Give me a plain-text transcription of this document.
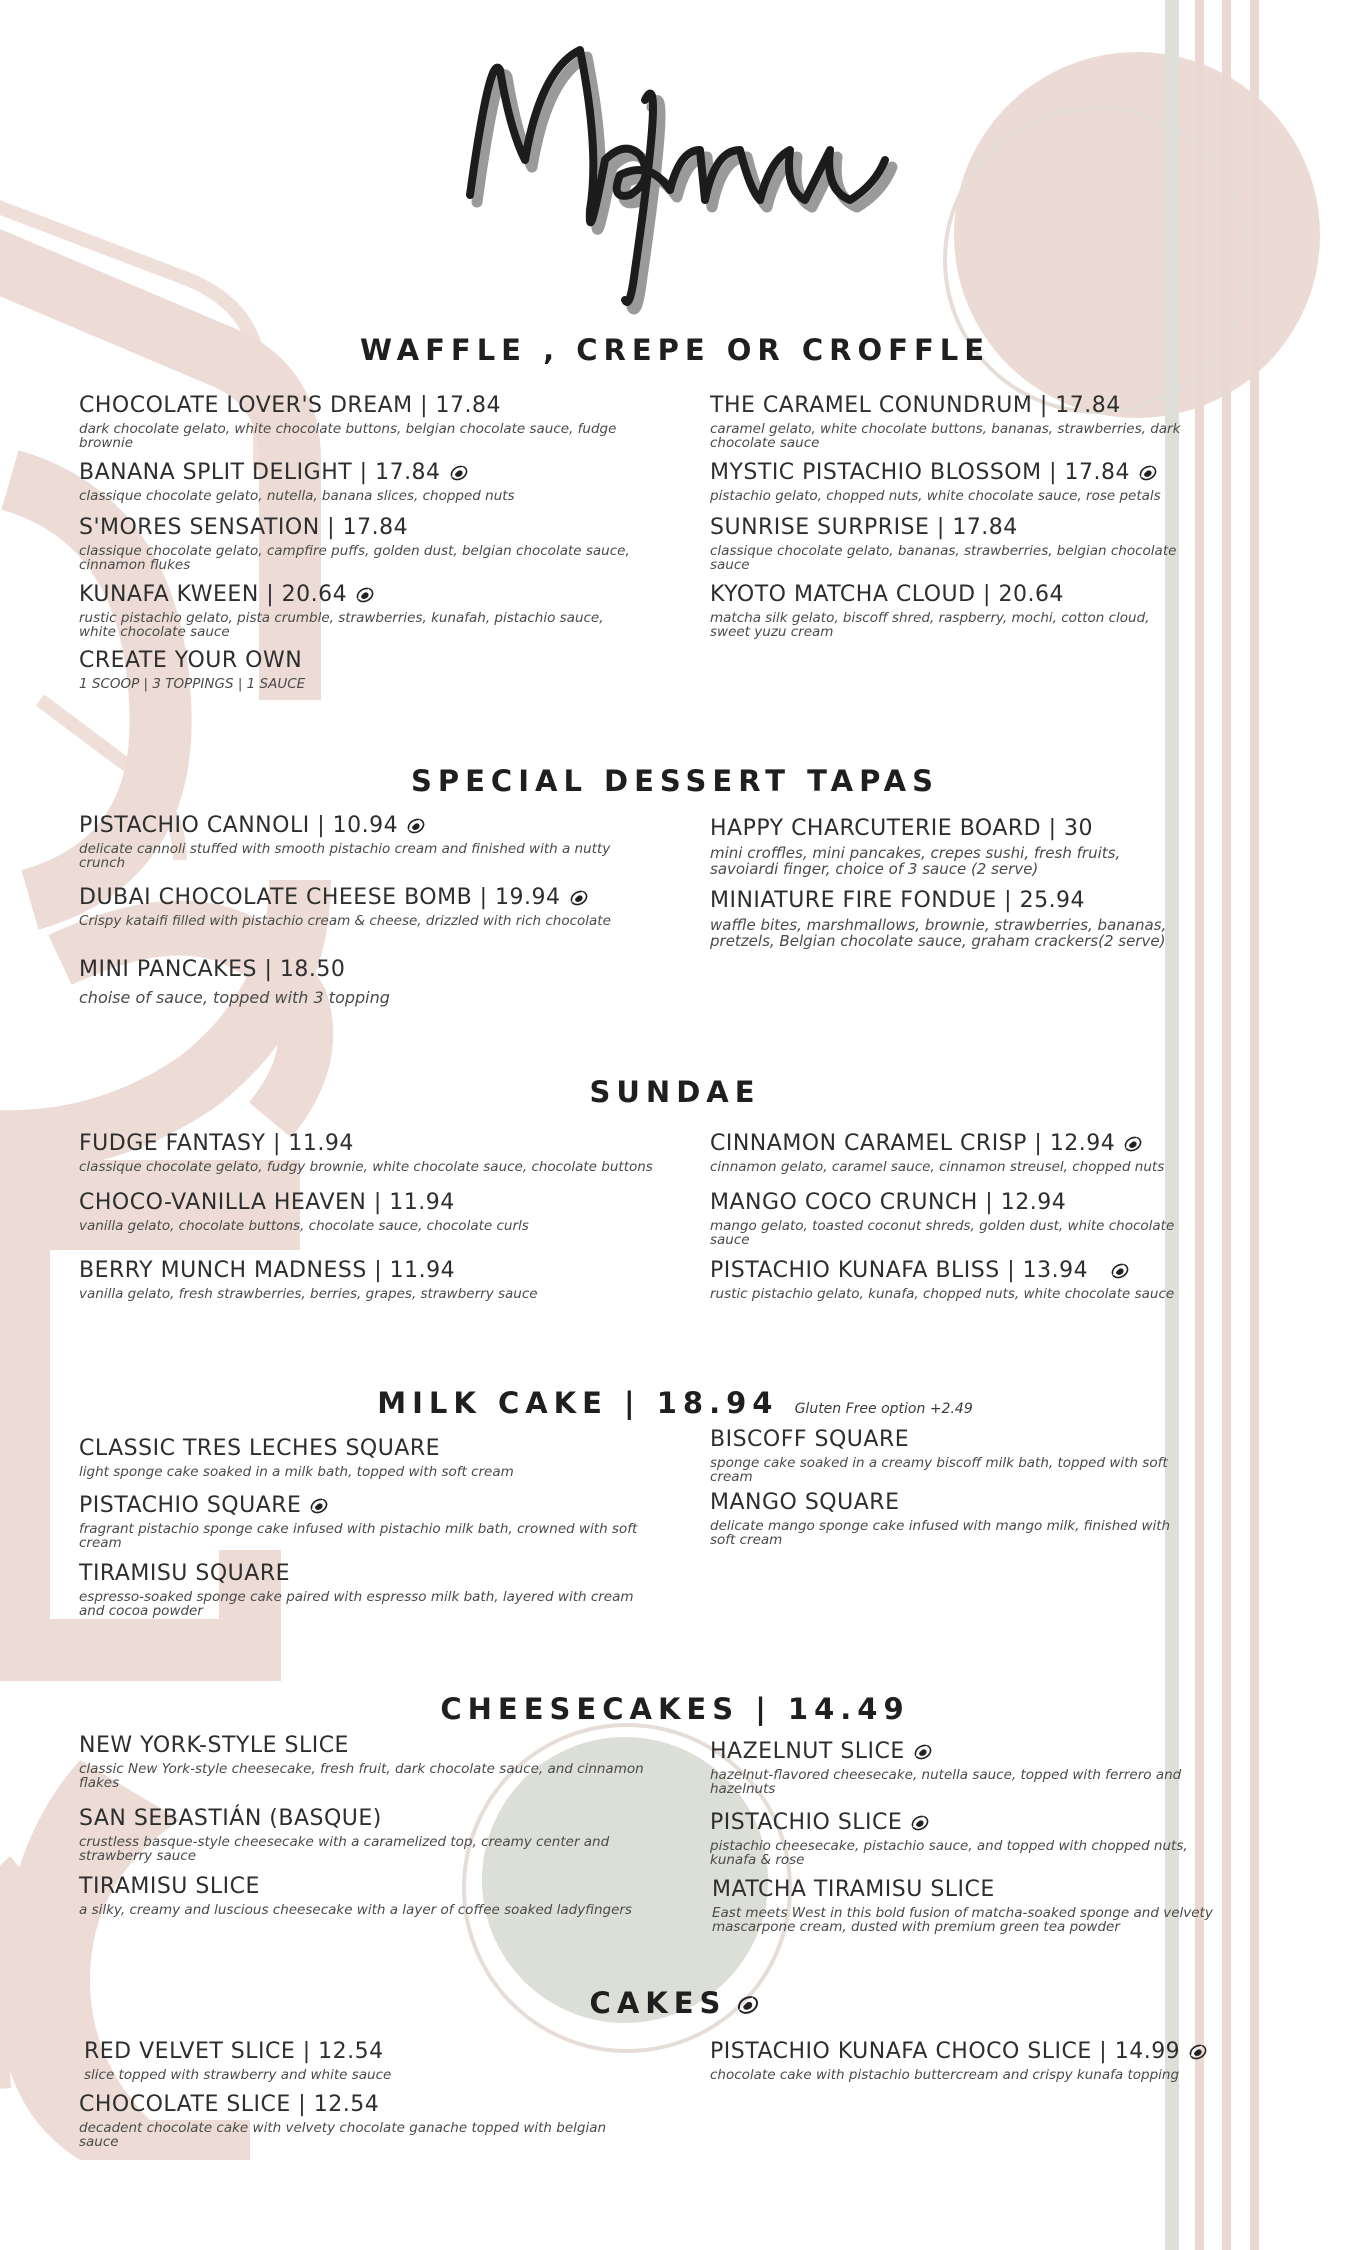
Menu
WAFFLE , CREPE OR CROFFLE
CHOCOLATE LOVER'S DREAM | 17.84
dark chocolate gelato, white chocolate buttons, belgian chocolate sauce, fudge brownie
BANANA SPLIT DELIGHT | 17.84
classique chocolate gelato, nutella, banana slices, chopped nuts
S'MORES SENSATION | 17.84
classique chocolate gelato, campfire puffs, golden dust, belgian chocolate sauce, cinnamon flukes
KUNAFA KWEEN | 20.64
rustic pistachio gelato, pista crumble, strawberries, kunafah, pistachio sauce, white chocolate sauce
CREATE YOUR OWN
1 SCOOP | 3 TOPPINGS | 1 SAUCE
THE CARAMEL CONUNDRUM | 17.84
caramel gelato, white chocolate buttons, bananas, strawberries, dark chocolate sauce
MYSTIC PISTACHIO BLOSSOM | 17.84
pistachio gelato, chopped nuts, white chocolate sauce, rose petals
SUNRISE SURPRISE | 17.84
classique chocolate gelato, bananas, strawberries, belgian chocolate sauce
KYOTO MATCHA CLOUD | 20.64
matcha silk gelato, biscoff shred, raspberry, mochi, cotton cloud, sweet yuzu cream
SPECIAL DESSERT TAPAS
PISTACHIO CANNOLI | 10.94
delicate cannoli stuffed with smooth pistachio cream and finished with a nutty crunch
DUBAI CHOCOLATE CHEESE BOMB | 19.94
Crispy kataifi filled with pistachio cream & cheese, drizzled with rich chocolate
MINI PANCAKES | 18.50
choise of sauce, topped with 3 topping
HAPPY CHARCUTERIE BOARD | 30
mini croffles, mini pancakes, crepes sushi, fresh fruits, savoiardi finger, choice of 3 sauce (2 serve)
MINIATURE FIRE FONDUE | 25.94
waffle bites, marshmallows, brownie, strawberries, bananas, pretzels, Belgian chocolate sauce, graham crackers(2 serve)
SUNDAE
FUDGE FANTASY | 11.94
classique chocolate gelato, fudgy brownie, white chocolate sauce, chocolate buttons
CHOCO-VANILLA HEAVEN | 11.94
vanilla gelato, chocolate buttons, chocolate sauce, chocolate curls
BERRY MUNCH MADNESS | 11.94
vanilla gelato, fresh strawberries, berries, grapes, strawberry sauce
CINNAMON CARAMEL CRISP | 12.94
cinnamon gelato, caramel sauce, cinnamon streusel, chopped nuts
MANGO COCO CRUNCH | 12.94
mango gelato, toasted coconut shreds, golden dust, white chocolate sauce
PISTACHIO KUNAFA BLISS | 13.94
rustic pistachio gelato, kunafa, chopped nuts, white chocolate sauce
MILK CAKE | 18.94 Gluten Free option +2.49
CLASSIC TRES LECHES SQUARE
light sponge cake soaked in a milk bath, topped with soft cream
PISTACHIO SQUARE
fragrant pistachio sponge cake infused with pistachio milk bath, crowned with soft cream
TIRAMISU SQUARE
espresso-soaked sponge cake paired with espresso milk bath, layered with cream and cocoa powder
BISCOFF SQUARE
sponge cake soaked in a creamy biscoff milk bath, topped with soft cream
MANGO SQUARE
delicate mango sponge cake infused with mango milk, finished with soft cream
CHEESECAKES | 14.49
NEW YORK-STYLE SLICE
classic New York-style cheesecake, fresh fruit, dark chocolate sauce, and cinnamon flakes
SAN SEBASTIÁN (BASQUE)
crustless basque-style cheesecake with a caramelized top, creamy center and strawberry sauce
TIRAMISU SLICE
a silky, creamy and luscious cheesecake with a layer of coffee soaked ladyfingers
HAZELNUT SLICE
hazelnut-flavored cheesecake, nutella sauce, topped with ferrero and hazelnuts
PISTACHIO SLICE
pistachio cheesecake, pistachio sauce, and topped with chopped nuts, kunafa & rose
MATCHA TIRAMISU SLICE
East meets West in this bold fusion of matcha-soaked sponge and velvety mascarpone cream, dusted with premium green tea powder
CAKES
RED VELVET SLICE | 12.54
slice topped with strawberry and white sauce
CHOCOLATE SLICE | 12.54
decadent chocolate cake with velvety chocolate ganache topped with belgian sauce
PISTACHIO KUNAFA CHOCO SLICE | 14.99
chocolate cake with pistachio buttercream and crispy kunafa topping
